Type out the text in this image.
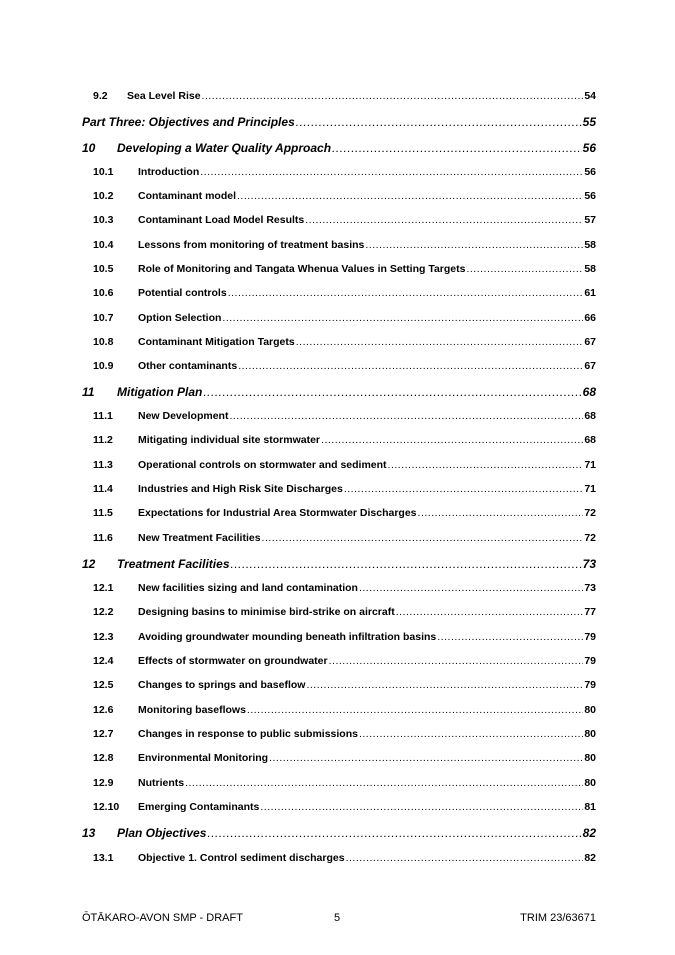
9.2	Sea Level Rise .....	54
Part Three: Objectives and Principles .....	55
10	Developing a Water Quality Approach .....	56
10.1	Introduction .....	56
10.2	Contaminant model .....	56
10.3	Contaminant Load Model Results .....	57
10.4	Lessons from monitoring of treatment basins .....	58
10.5	Role of Monitoring and Tangata Whenua Values in Setting Targets .....	58
10.6	Potential controls .....	61
10.7	Option Selection .....	66
10.8	Contaminant Mitigation Targets .....	67
10.9	Other contaminants .....	67
11	Mitigation Plan .....	68
11.1	New Development .....	68
11.2	Mitigating individual site stormwater .....	68
11.3	Operational controls on stormwater and sediment .....	71
11.4	Industries and High Risk Site Discharges .....	71
11.5	Expectations for Industrial Area Stormwater Discharges .....	72
11.6	New Treatment Facilities .....	72
12	Treatment Facilities .....	73
12.1	New facilities sizing and land contamination .....	73
12.2	Designing basins to minimise bird-strike on aircraft .....	77
12.3	Avoiding groundwater mounding beneath infiltration basins .....	79
12.4	Effects of stormwater on groundwater .....	79
12.5	Changes to springs and baseflow .....	79
12.6	Monitoring baseflows .....	80
12.7	Changes in response to public submissions .....	80
12.8	Environmental Monitoring .....	80
12.9	Nutrients .....	80
12.10	Emerging Contaminants .....	81
13	Plan Objectives .....	82
13.1	Objective 1. Control sediment discharges .....	82
ŌTĀKARO-AVON SMP - DRAFT	5	TRIM 23/63671
